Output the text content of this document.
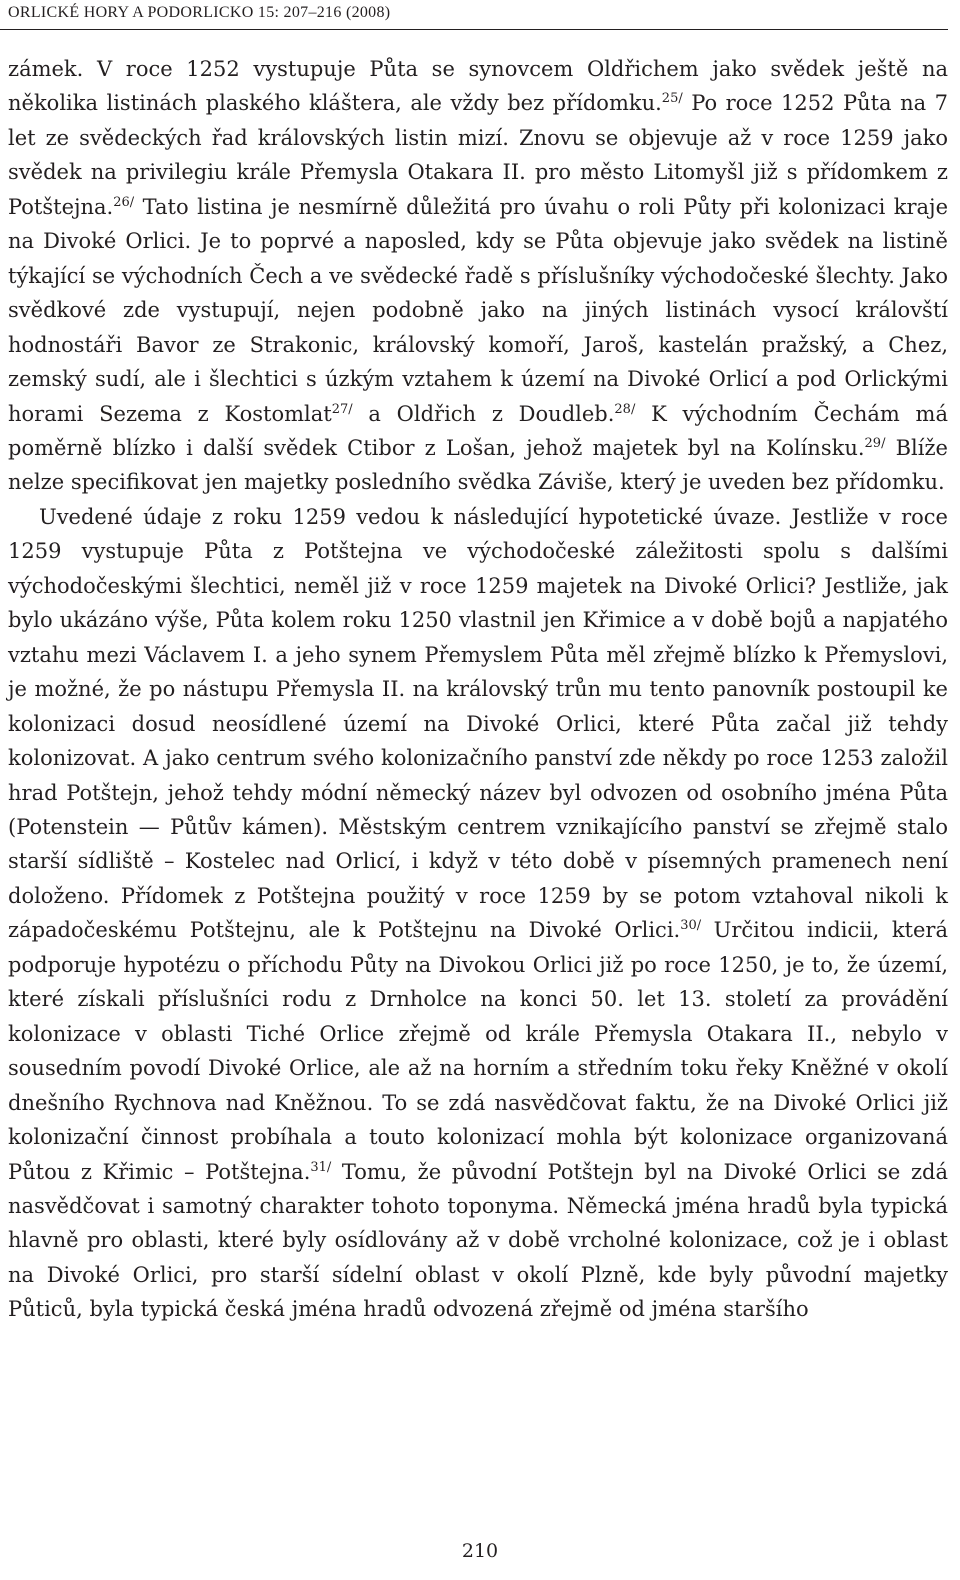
ORLICKÉ HORY A PODORLICKO 15: 207–216 (2008)

zámek. V roce 1252 vystupuje Půta se synovcem Oldřichem jako svědek ještě na několika listinách plaského kláštera, ale vždy bez přídomku.$^{25/}$ Po roce 1252 Půta na 7 let ze svědeckých řad královských listin mizí. Znovu se objevuje až v roce 1259 jako svědek na privilegiu krále Přemysla Otakara II. pro město Litomyšl již s přídomkem z Potštejna.$^{26/}$ Tato listina je nesmírně důležitá pro úvahu o roli Půty při kolonizaci kraje na Divoké Orlici. Je to poprvé a naposled, kdy se Půta objevuje jako svědek na listině týkající se východních Čech a ve svědecké řadě s příslušníky východočeské šlechty. Jako svědkové zde vystupují, nejen podobně jako na jiných listinách vysocí královští hodnostáři Bavor ze Strakonic, královský komoří, Jaroš, kastelán pražský, a Chez, zemský sudí, ale i šlechtici s úzkým vztahem k území na Divoké Orlicí a pod Orlickými horami Sezema z Kostomlat$^{27/}$ a Oldřich z Doudleb.$^{28/}$ K východním Čechám má poměrně blízko i další svědek Ctibor z Lošan, jehož majetek byl na Kolínsku.$^{29/}$ Blíže nelze specifikovat jen majetky posledního svědka Záviše, který je uveden bez přídomku.

Uvedené údaje z roku 1259 vedou k následující hypotetické úvaze. Jestliže v roce 1259 vystupuje Půta z Potštejna ve východočeské záležitosti spolu s dalšími východočeskými šlechtici, neměl již v roce 1259 majetek na Divoké Orlici? Jestliže, jak bylo ukázáno výše, Půta kolem roku 1250 vlastnil jen Křimice a v době bojů a napjatého vztahu mezi Václavem I. a jeho synem Přemyslem Půta měl zřejmě blízko k Přemyslovi, je možné, že po nástupu Přemysla II. na královský trůn mu tento panovník postoupil ke kolonizaci dosud neosídlené území na Divoké Orlici, které Půta začal již tehdy kolonizovat. A jako centrum svého kolonizačního panství zde někdy po roce 1253 založil hrad Potštejn, jehož tehdy módní německý název byl odvozen od osobního jména Půta (Potenstein — Půtův kámen). Městským centrem vznikajícího panství se zřejmě stalo starší sídliště – Kostelec nad Orlicí, i když v této době v písemných pramenech není doloženo. Přídomek z Potštejna použitý v roce 1259 by se potom vztahoval nikoli k západočeskému Potštejnu, ale k Potštejnu na Divoké Orlici.$^{30/}$ Určitou indicii, která podporuje hypotézu o příchodu Půty na Divokou Orlici již po roce 1250, je to, že území, které získali příslušníci rodu z Drnholce na konci 50. let 13. století za provádění kolonizace v oblasti Tiché Orlice zřejmě od krále Přemysla Otakara II., nebylo v sousedním povodí Divoké Orlice, ale až na horním a středním toku řeky Kněžné v okolí dnešního Rychnova nad Kněžnou. To se zdá nasvědčovat faktu, že na Divoké Orlici již kolonizační činnost probíhala a touto kolonizací mohla být kolonizace organizovaná Půtou z Křimic – Potštejna.$^{31/}$ Tomu, že původní Potštejn byl na Divoké Orlici se zdá nasvědčovat i samotný charakter tohoto toponyma. Německá jména hradů byla typická hlavně pro oblasti, které byly osídlovány až v době vrcholné kolonizace, což je i oblast na Divoké Orlici, pro starší sídelní oblast v okolí Plzně, kde byly původní majetky Půticů, byla typická česká jména hradů odvozená zřejmě od jména staršího

210
